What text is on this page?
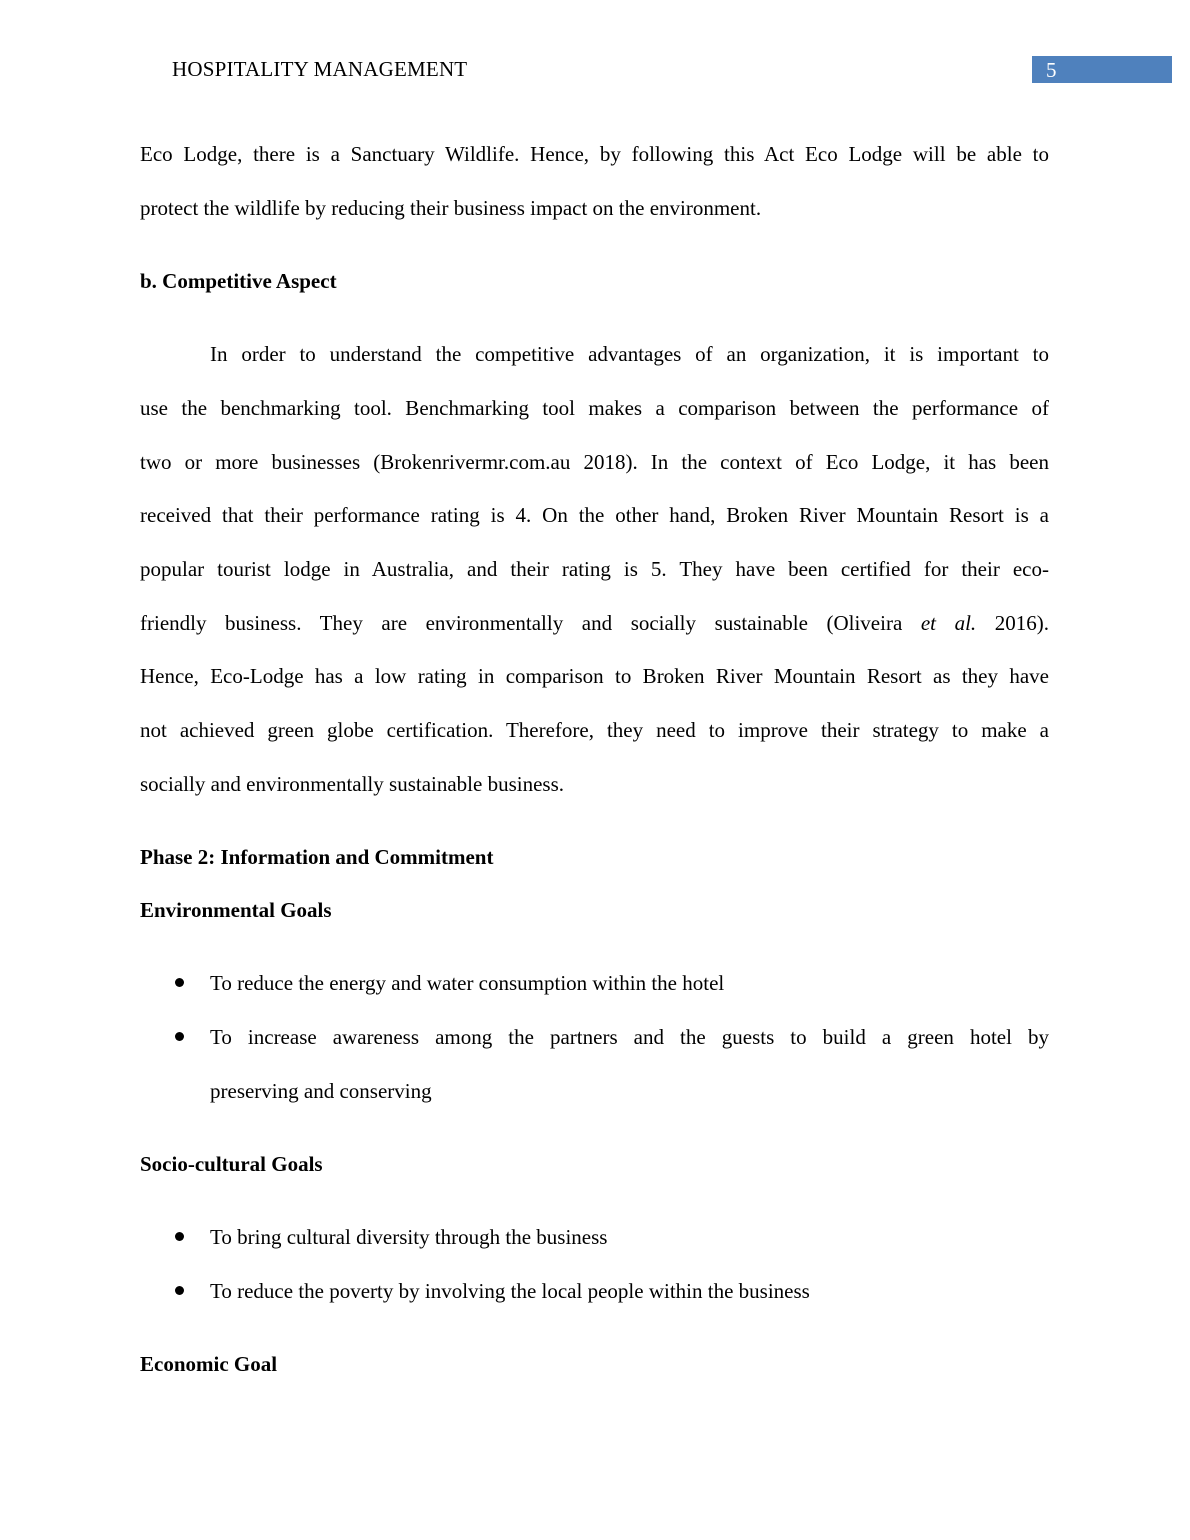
HOSPITALITY MANAGEMENT	5
Eco Lodge, there is a Sanctuary Wildlife. Hence, by following this Act Eco Lodge will be able to
protect the wildlife by reducing their business impact on the environment.
b. Competitive Aspect
In order to understand the competitive advantages of an organization, it is important to
use the benchmarking tool. Benchmarking tool makes a comparison between the performance of
two or more businesses (Brokenrivermr.com.au 2018). In the context of Eco Lodge, it has been
received that their performance rating is 4. On the other hand, Broken River Mountain Resort is a
popular tourist lodge in Australia, and their rating is 5. They have been certified for their eco-
friendly business. They are environmentally and socially sustainable (Oliveira et al. 2016).
Hence, Eco-Lodge has a low rating in comparison to Broken River Mountain Resort as they have
not achieved green globe certification. Therefore, they need to improve their strategy to make a
socially and environmentally sustainable business.
Phase 2: Information and Commitment
Environmental Goals
To reduce the energy and water consumption within the hotel
To increase awareness among the partners and the guests to build a green hotel by
preserving and conserving
Socio-cultural Goals
To bring cultural diversity through the business
To reduce the poverty by involving the local people within the business
Economic Goal
